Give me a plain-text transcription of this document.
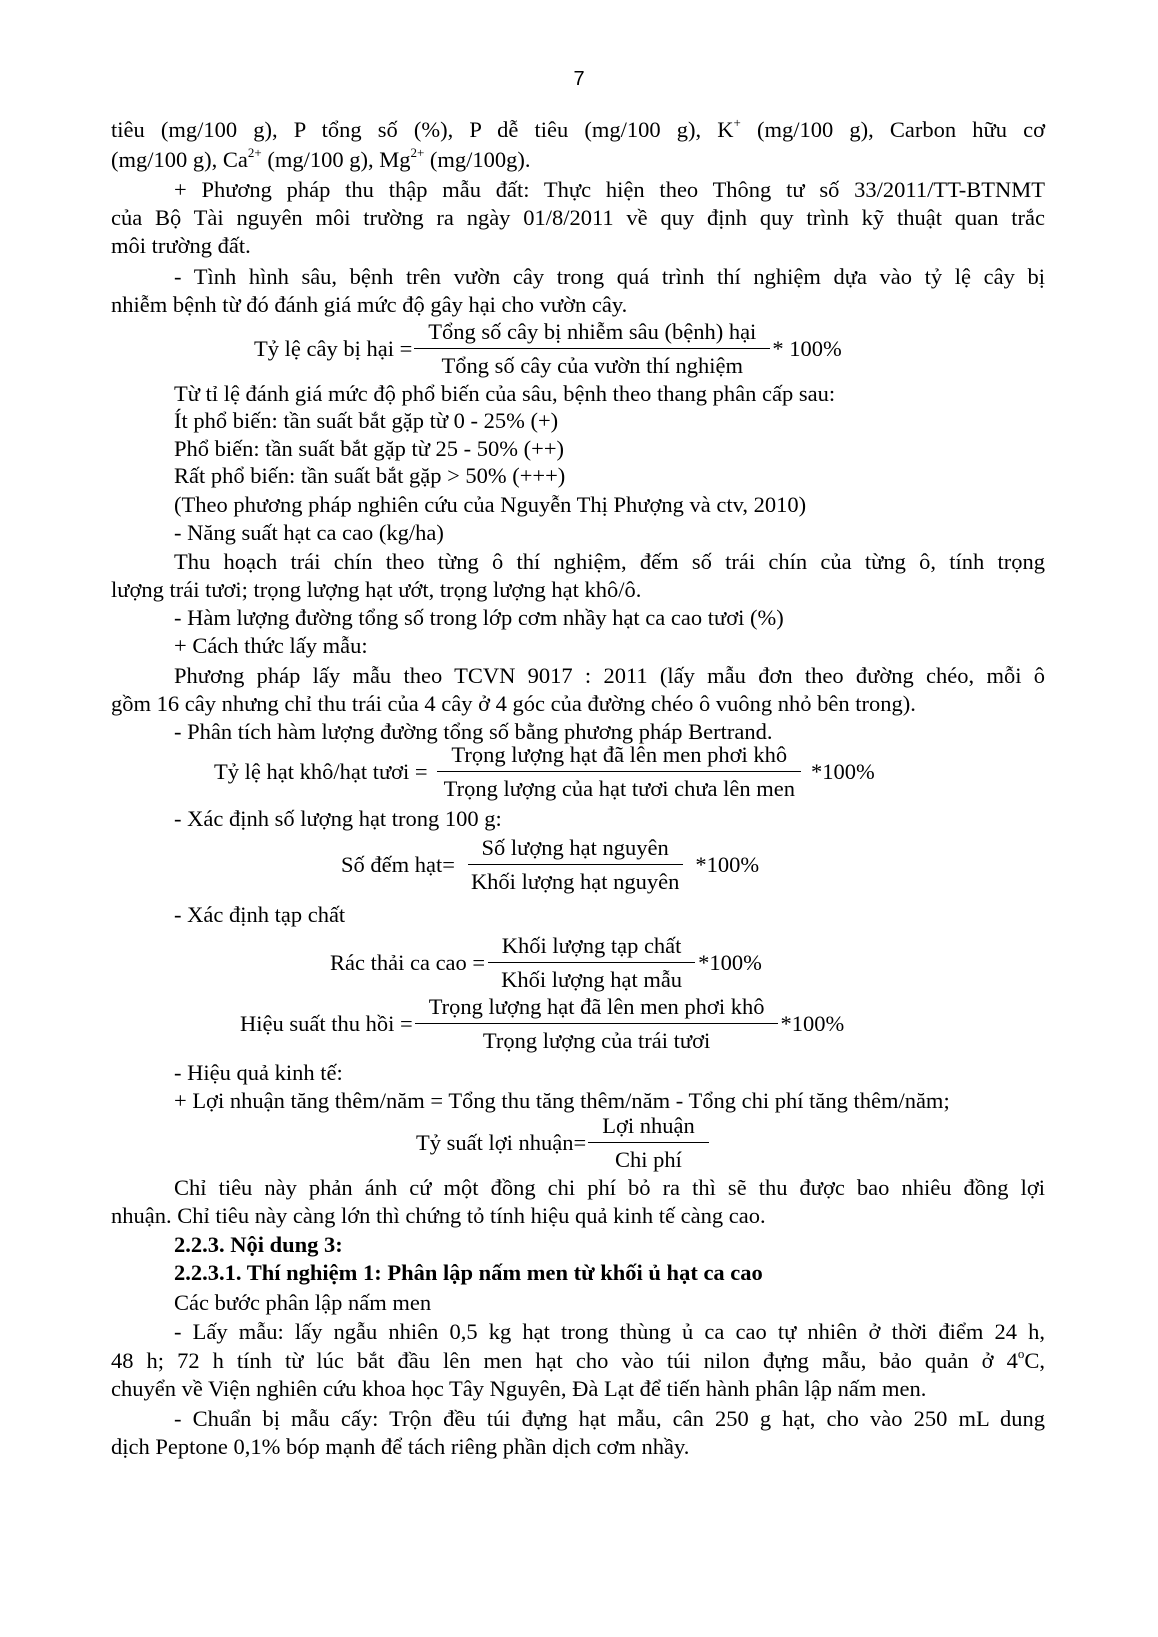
7
tiêu (mg/100 g), P tổng số (%), P dễ tiêu (mg/100 g), K+ (mg/100 g), Carbon hữu cơ
(mg/100 g), $Ca^{2+}$ (mg/100 g), $Mg^{2+}$ (mg/100g).
+ Phương pháp thu thập mẫu đất: Thực hiện theo Thông tư số 33/2011/TT-BTNMT
của Bộ Tài nguyên môi trường ra ngày 01/8/2011 về quy định quy trình kỹ thuật quan trắc
môi trường đất.
- Tình hình sâu, bệnh trên vườn cây trong quá trình thí nghiệm dựa vào tỷ lệ cây bị
nhiễm bệnh từ đó đánh giá mức độ gây hại cho vườn cây.
Tỷ lệ cây bị hại = $\frac{\text{Tổng số cây bị nhiễm sâu (bệnh) hại}}{\text{Tổng số cây của vườn thí nghiệm}} * 100\%$
Từ tỉ lệ đánh giá mức độ phổ biến của sâu, bệnh theo thang phân cấp sau:
Ít phổ biến: tần suất bắt gặp từ 0 - 25% (+)
Phổ biến: tần suất bắt gặp từ 25 - 50% (++)
Rất phổ biến: tần suất bắt gặp > 50% (+++)
(Theo phương pháp nghiên cứu của Nguyễn Thị Phượng và ctv, 2010)
- Năng suất hạt ca cao (kg/ha)
Thu hoạch trái chín theo từng ô thí nghiệm, đếm số trái chín của từng ô, tính trọng
lượng trái tươi; trọng lượng hạt ướt, trọng lượng hạt khô/ô.
- Hàm lượng đường tổng số trong lớp cơm nhầy hạt ca cao tươi (%)
+ Cách thức lấy mẫu:
Phương pháp lấy mẫu theo TCVN 9017 : 2011 (lấy mẫu đơn theo đường chéo, mỗi ô
gồm 16 cây nhưng chỉ thu trái của 4 cây ở 4 góc của đường chéo ô vuông nhỏ bên trong).
- Phân tích hàm lượng đường tổng số bằng phương pháp Bertrand.
Tỷ lệ hạt khô/hạt tươi = $\frac{\text{Trọng lượng hạt đã lên men phơi khô}}{\text{Trọng lượng của hạt tươi chưa lên men}} *100\%$
- Xác định số lượng hạt trong 100 g:
Số đếm hạt= $\frac{\text{Số lượng hạt nguyên}}{\text{Khối lượng hạt nguyên}} *100\%$
- Xác định tạp chất
Rác thải ca cao = $\frac{\text{Khối lượng tạp chất}}{\text{Khối lượng hạt mẫu}} *100\%$
Hiệu suất thu hồi = $\frac{\text{Trọng lượng hạt đã lên men phơi khô}}{\text{Trọng lượng của trái tươi}} *100\%$
- Hiệu quả kinh tế:
+ Lợi nhuận tăng thêm/năm = Tổng thu tăng thêm/năm - Tổng chi phí tăng thêm/năm;
Tỷ suất lợi nhuận= $\frac{\text{Lợi nhuận}}{\text{Chi phí}}$
Chỉ tiêu này phản ánh cứ một đồng chi phí bỏ ra thì sẽ thu được bao nhiêu đồng lợi
nhuận. Chỉ tiêu này càng lớn thì chứng tỏ tính hiệu quả kinh tế càng cao.
2.2.3. Nội dung 3:
2.2.3.1. Thí nghiệm 1: Phân lập nấm men từ khối ủ hạt ca cao
Các bước phân lập nấm men
- Lấy mẫu: lấy ngẫu nhiên 0,5 kg hạt trong thùng ủ ca cao tự nhiên ở thời điểm 24 h,
48 h; 72 h tính từ lúc bắt đầu lên men hạt cho vào túi nilon đựng mẫu, bảo quản ở 4$^o$C,
chuyển về Viện nghiên cứu khoa học Tây Nguyên, Đà Lạt để tiến hành phân lập nấm men.
- Chuẩn bị mẫu cấy: Trộn đều túi đựng hạt mẫu, cân 250 g hạt, cho vào 250 mL dung
dịch Peptone 0,1% bóp mạnh để tách riêng phần dịch cơm nhầy.
